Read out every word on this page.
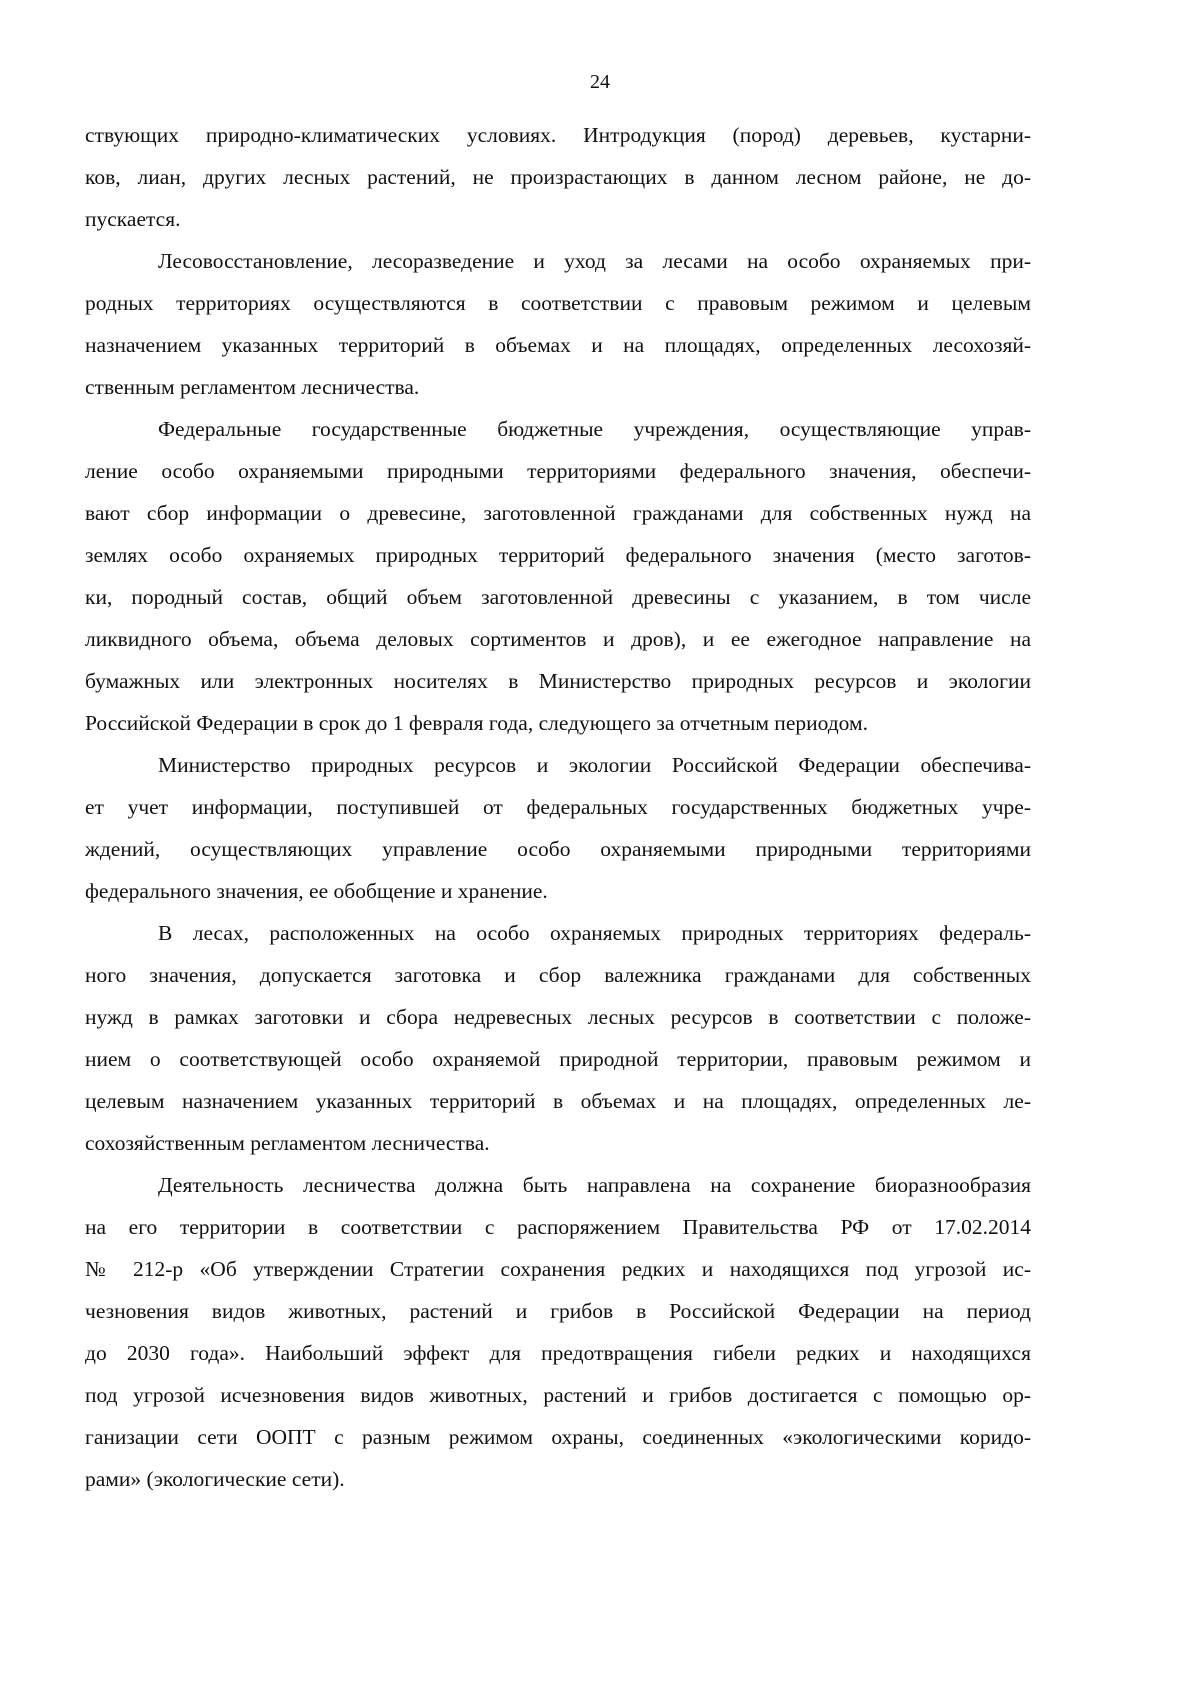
24
ствующих природно-климатических условиях. Интродукция (пород) деревьев, кустарни-
ков, лиан, других лесных растений, не произрастающих в данном лесном районе, не до-
пускается.
Лесовосстановление, лесоразведение и уход за лесами на особо охраняемых при-
родных территориях осуществляются в соответствии с правовым режимом и целевым
назначением указанных территорий в объемах и на площадях, определенных лесохозяй-
ственным регламентом лесничества.
Федеральные государственные бюджетные учреждения, осуществляющие управ-
ление особо охраняемыми природными территориями федерального значения, обеспечи-
вают сбор информации о древесине, заготовленной гражданами для собственных нужд на
землях особо охраняемых природных территорий федерального значения (место заготов-
ки, породный состав, общий объем заготовленной древесины с указанием, в том числе
ликвидного объема, объема деловых сортиментов и дров), и ее ежегодное направление на
бумажных или электронных носителях в Министерство природных ресурсов и экологии
Российской Федерации в срок до 1 февраля года, следующего за отчетным периодом.
Министерство природных ресурсов и экологии Российской Федерации обеспечива-
ет учет информации, поступившей от федеральных государственных бюджетных учре-
ждений, осуществляющих управление особо охраняемыми природными территориями
федерального значения, ее обобщение и хранение.
В лесах, расположенных на особо охраняемых природных территориях федераль-
ного значения, допускается заготовка и сбор валежника гражданами для собственных
нужд в рамках заготовки и сбора недревесных лесных ресурсов в соответствии с положе-
нием о соответствующей особо охраняемой природной территории, правовым режимом и
целевым назначением указанных территорий в объемах и на площадях, определенных ле-
сохозяйственным регламентом лесничества.
Деятельность лесничества должна быть направлена на сохранение биоразнообразия
на его территории в соответствии с распоряжением Правительства РФ от 17.02.2014
№ 212-р «Об утверждении Стратегии сохранения редких и находящихся под угрозой ис-
чезновения видов животных, растений и грибов в Российской Федерации на период
до 2030 года». Наибольший эффект для предотвращения гибели редких и находящихся
под угрозой исчезновения видов животных, растений и грибов достигается с помощью ор-
ганизации сети ООПТ с разным режимом охраны, соединенных «экологическими коридо-
рами» (экологические сети).
